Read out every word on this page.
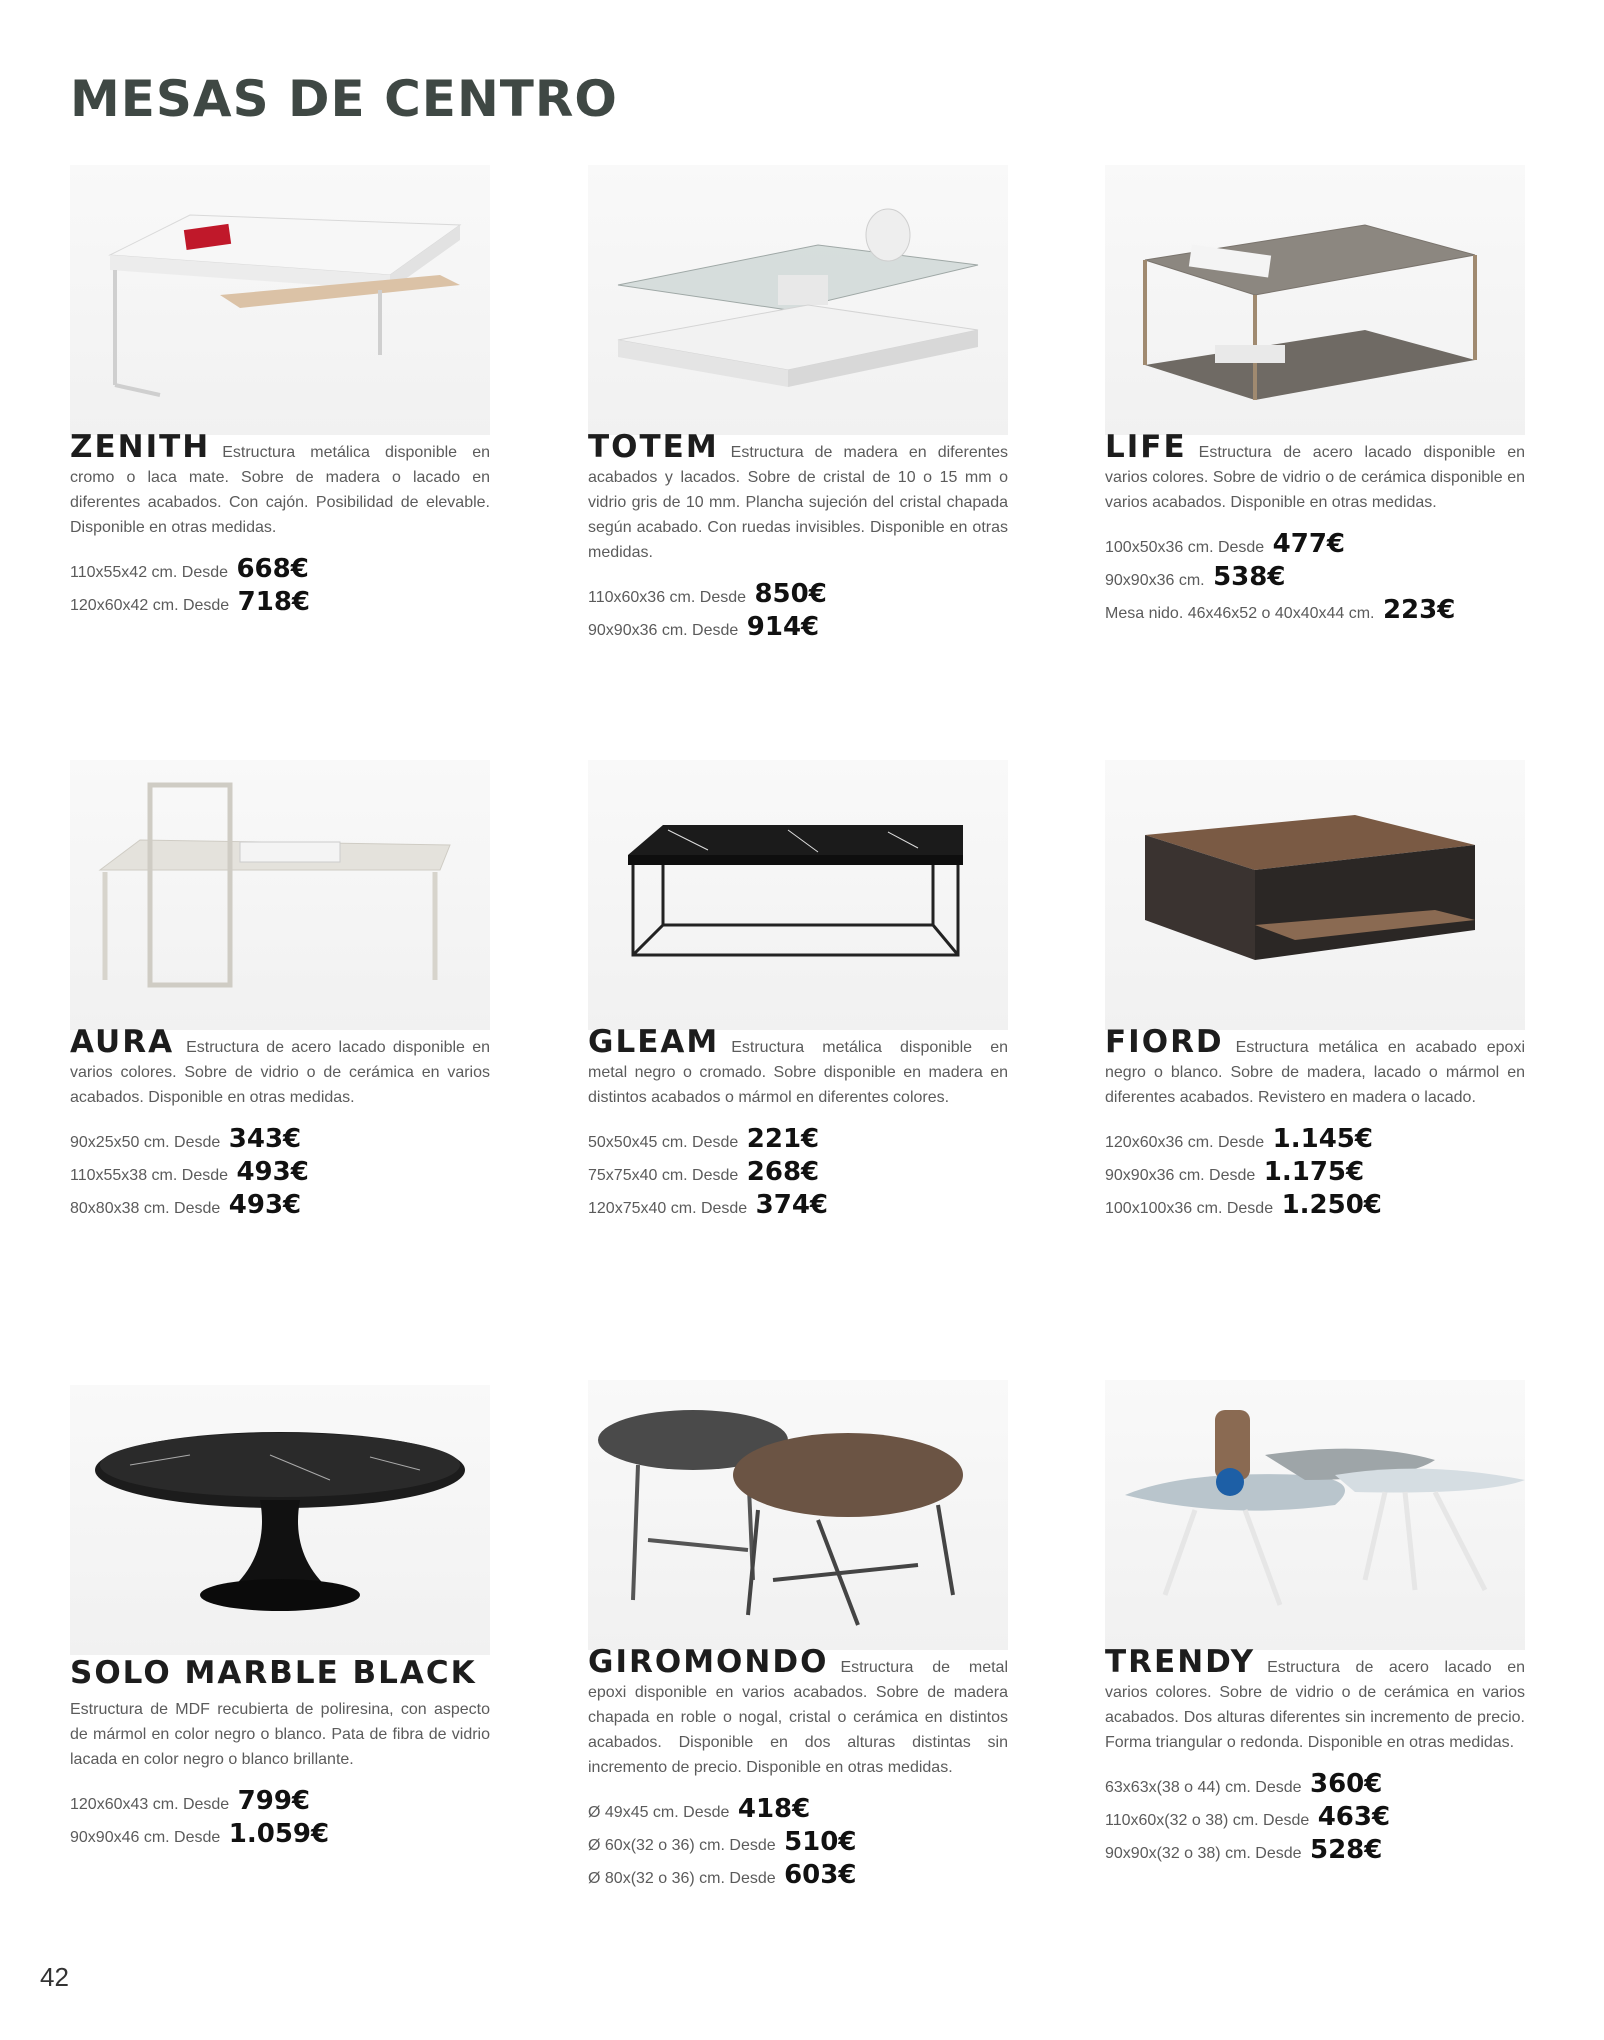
MESAS DE CENTRO

ZENITH Estructura metálica disponible en cromo o laca mate. Sobre de madera o lacado en diferentes acabados. Con cajón. Posibilidad de elevable. Disponible en otras medidas.

110x55x42 cm. Desde 668€
120x60x42 cm. Desde 718€

TOTEM Estructura de madera en diferentes acabados y lacados. Sobre de cristal de 10 o 15 mm o vidrio gris de 10 mm. Plancha sujeción del cristal chapada según acabado. Con ruedas invisibles. Disponible en otras medidas.

110x60x36 cm. Desde 850€
90x90x36 cm. Desde 914€

LIFE Estructura de acero lacado disponible en varios colores. Sobre de vidrio o de cerámica disponible en varios acabados. Disponible en otras medidas.

100x50x36 cm. Desde 477€
90x90x36 cm. 538€
Mesa nido. 46x46x52 o 40x40x44 cm. 223€

AURA Estructura de acero lacado disponible en varios colores. Sobre de vidrio o de cerámica en varios acabados. Disponible en otras medidas.

90x25x50 cm. Desde 343€
110x55x38 cm. Desde 493€
80x80x38 cm. Desde 493€

GLEAM Estructura metálica disponible en metal negro o cromado. Sobre disponible en madera en distintos acabados o mármol en diferentes colores.

50x50x45 cm. Desde 221€
75x75x40 cm. Desde 268€
120x75x40 cm. Desde 374€

FIORD Estructura metálica en acabado epoxi negro o blanco. Sobre de madera, lacado o mármol en diferentes acabados. Revistero en madera o lacado.

120x60x36 cm. Desde 1.145€
90x90x36 cm. Desde 1.175€
100x100x36 cm. Desde 1.250€
SOLO MARBLE BLACK

Estructura de MDF recubierta de poliresina, con aspecto de mármol en color negro o blanco. Pata de fibra de vidrio lacada en color negro o blanco brillante.

120x60x43 cm. Desde 799€
90x90x46 cm. Desde 1.059€

GIROMONDO Estructura de metal epoxi disponible en varios acabados. Sobre de madera chapada en roble o nogal, cristal o cerámica en distintos acabados. Disponible en dos alturas distintas sin incremento de precio. Disponible en otras medidas.

Ø 49x45 cm. Desde 418€
Ø 60x(32 o 36) cm. Desde 510€
Ø 80x(32 o 36) cm. Desde 603€

TRENDY Estructura de acero lacado en varios colores. Sobre de vidrio o de cerámica en varios acabados. Dos alturas diferentes sin incremento de precio. Forma triangular o redonda. Disponible en otras medidas.

63x63x(38 o 44) cm. Desde 360€
110x60x(32 o 38) cm. Desde 463€
90x90x(32 o 38) cm. Desde 528€
42
